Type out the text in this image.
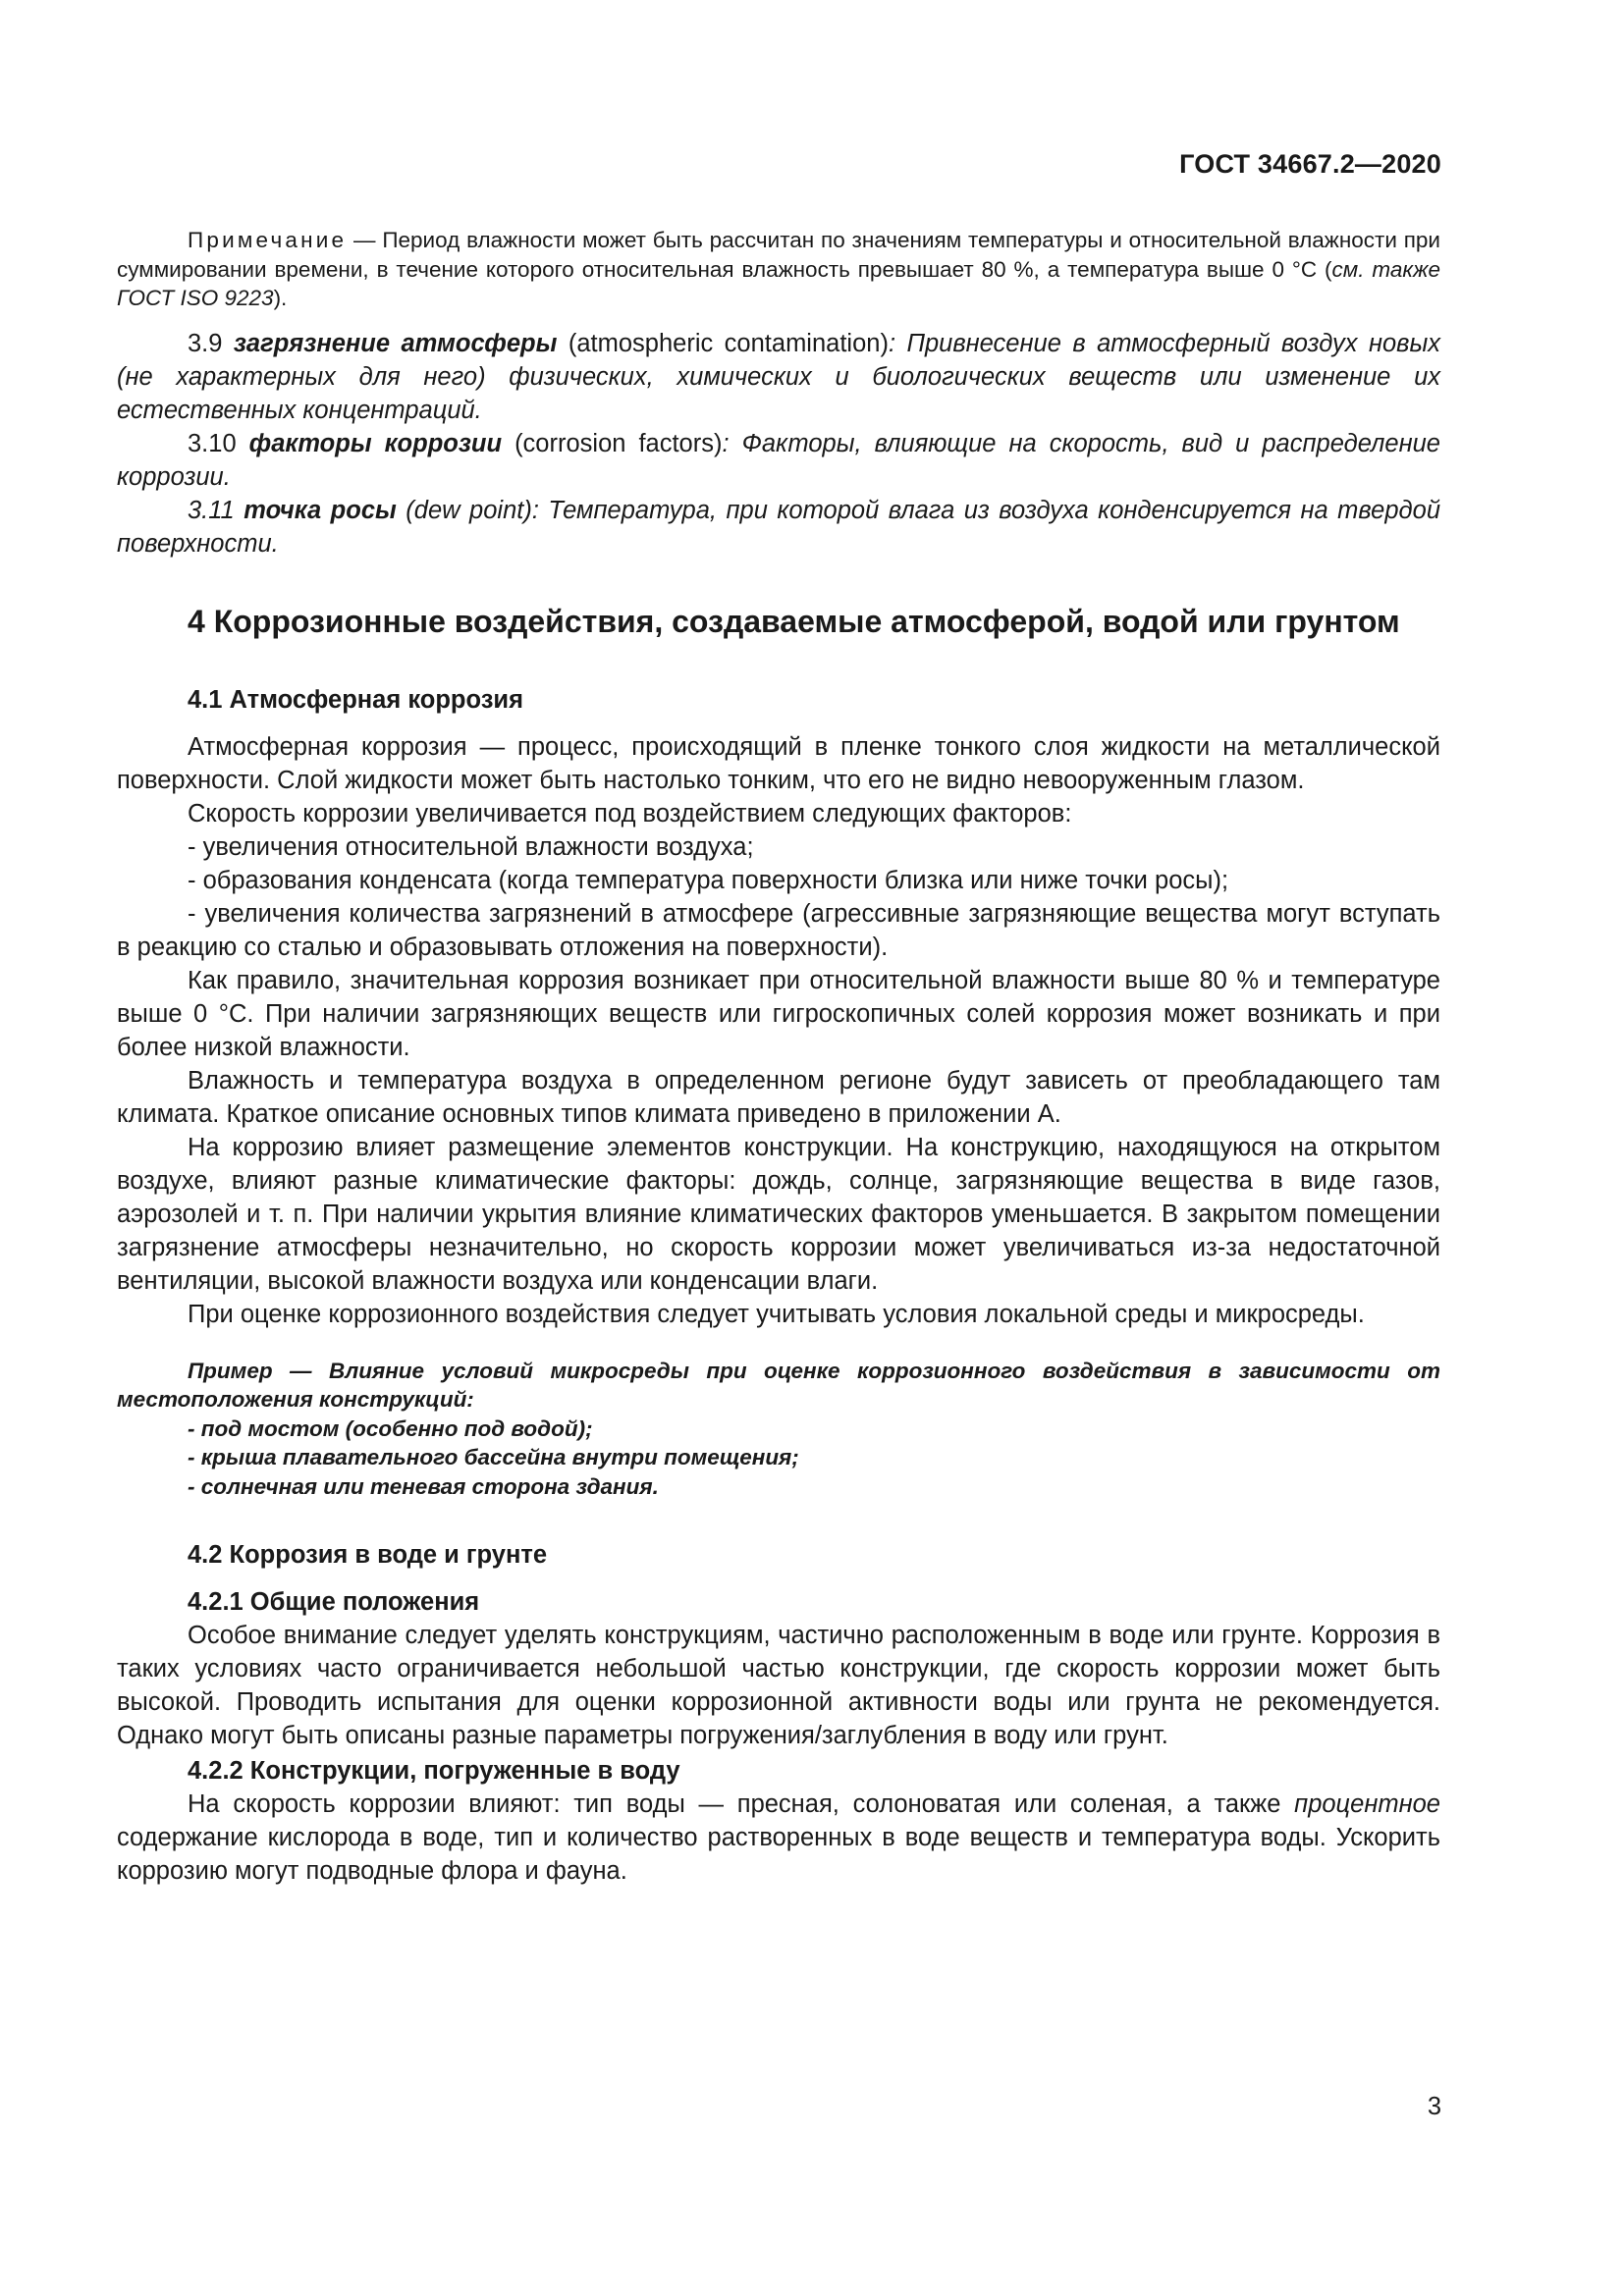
ГОСТ 34667.2—2020

Примечание — Период влажности может быть рассчитан по значениям температуры и относительной влажности при суммировании времени, в течение которого относительная влажность превышает 80 %, а температура выше 0 °С (см. также ГОСТ ISO 9223).

3.9 загрязнение атмосферы (atmospheric contamination): Привнесение в атмосферный воздух новых (не характерных для него) физических, химических и биологических веществ или изменение их естественных концентраций.

3.10 факторы коррозии (corrosion factors): Факторы, влияющие на скорость, вид и распределение коррозии.

3.11 точка росы (dew point): Температура, при которой влага из воздуха конденсируется на твердой поверхности.

4 Коррозионные воздействия, создаваемые атмосферой, водой или грунтом
4.1 Атмосферная коррозия

Атмосферная коррозия — процесс, происходящий в пленке тонкого слоя жидкости на металлической поверхности. Слой жидкости может быть настолько тонким, что его не видно невооруженным глазом.

Скорость коррозии увеличивается под воздействием следующих факторов:

- увеличения относительной влажности воздуха;

- образования конденсата (когда температура поверхности близка или ниже точки росы);

- увеличения количества загрязнений в атмосфере (агрессивные загрязняющие вещества могут вступать в реакцию со сталью и образовывать отложения на поверхности).

Как правило, значительная коррозия возникает при относительной влажности выше 80 % и температуре выше 0 °С. При наличии загрязняющих веществ или гигроскопичных солей коррозия может возникать и при более низкой влажности.

Влажность и температура воздуха в определенном регионе будут зависеть от преобладающего там климата. Краткое описание основных типов климата приведено в приложении А.

На коррозию влияет размещение элементов конструкции. На конструкцию, находящуюся на открытом воздухе, влияют разные климатические факторы: дождь, солнце, загрязняющие вещества в виде газов, аэрозолей и т. п. При наличии укрытия влияние климатических факторов уменьшается. В закрытом помещении загрязнение атмосферы незначительно, но скорость коррозии может увеличиваться из-за недостаточной вентиляции, высокой влажности воздуха или конденсации влаги.

При оценке коррозионного воздействия следует учитывать условия локальной среды и микросреды.

Пример — Влияние условий микросреды при оценке коррозионного воздействия в зависимости от местоположения конструкций:
- под мостом (особенно под водой);
- крыша плавательного бассейна внутри помещения;
- солнечная или теневая сторона здания.
4.2 Коррозия в воде и грунте
4.2.1 Общие положения

Особое внимание следует уделять конструкциям, частично расположенным в воде или грунте. Коррозия в таких условиях часто ограничивается небольшой частью конструкции, где скорость коррозии может быть высокой. Проводить испытания для оценки коррозионной активности воды или грунта не рекомендуется. Однако могут быть описаны разные параметры погружения/заглубления в воду или грунт.

4.2.2 Конструкции, погруженные в воду

На скорость коррозии влияют: тип воды — пресная, солоноватая или соленая, а также процентное содержание кислорода в воде, тип и количество растворенных в воде веществ и температура воды. Ускорить коррозию могут подводные флора и фауна.

3
